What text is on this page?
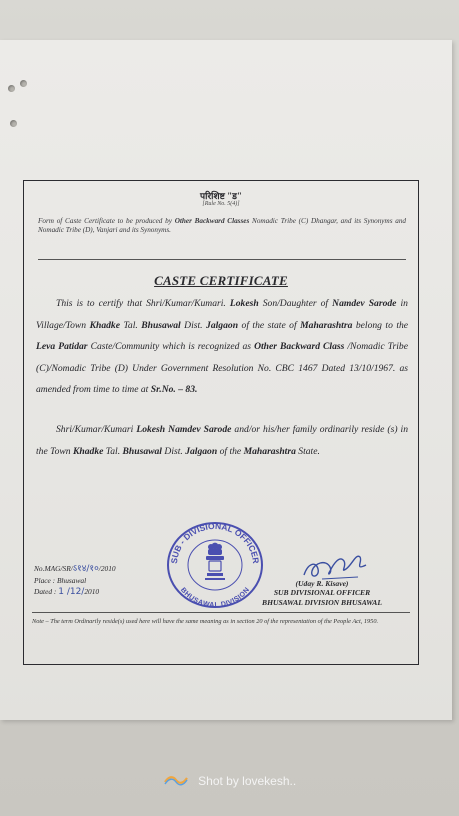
परिशिष्ट "ड"
[Rule No. 5(4)]
Form of Caste Certificate to be produced by Other Backward Classes Nomadic Tribe (C) Dhangar, and its Synonyms and Nomadic Tribe (D), Vanjari and its Synonyms.
CASTE CERTIFICATE
This is to certify that Shri/Kumar/Kumari. Lokesh Son/Daughter of Namdev Sarode in Village/Town Khadke Tal. Bhusawal Dist. Jalgaon of the state of Maharashtra belong to the Leva Patidar Caste/Community which is recognized as Other Backward Class /Nomadic Tribe (C)/Nomadic Tribe (D) Under Government Resolution No. CBC 1467 Dated 13/10/1967. as amended from time to time at Sr.No. – 83.
Shri/Kumar/Kumari Lokesh Namdev Sarode and/or his/her family ordinarily reside (s) in the Town Khadke Tal. Bhusawal Dist. Jalgaon of the Maharashtra State.
SUB - DIVISIONAL OFFICER
BHUSAWAL DIVISION
No.MAG/SR/ऽ१४/१०/2010
Place : Bhusawal
Dated : 1 /12/2010
(Uday R. Kisave)
SUB DIVISIONAL OFFICER
BHUSAWAL DIVISION BHUSAWAL
Note – The term Ordinarily reside(s) used here will have the same meaning as in section 20 of the representation of the People Act, 1950.
Shot by lovekesh..
